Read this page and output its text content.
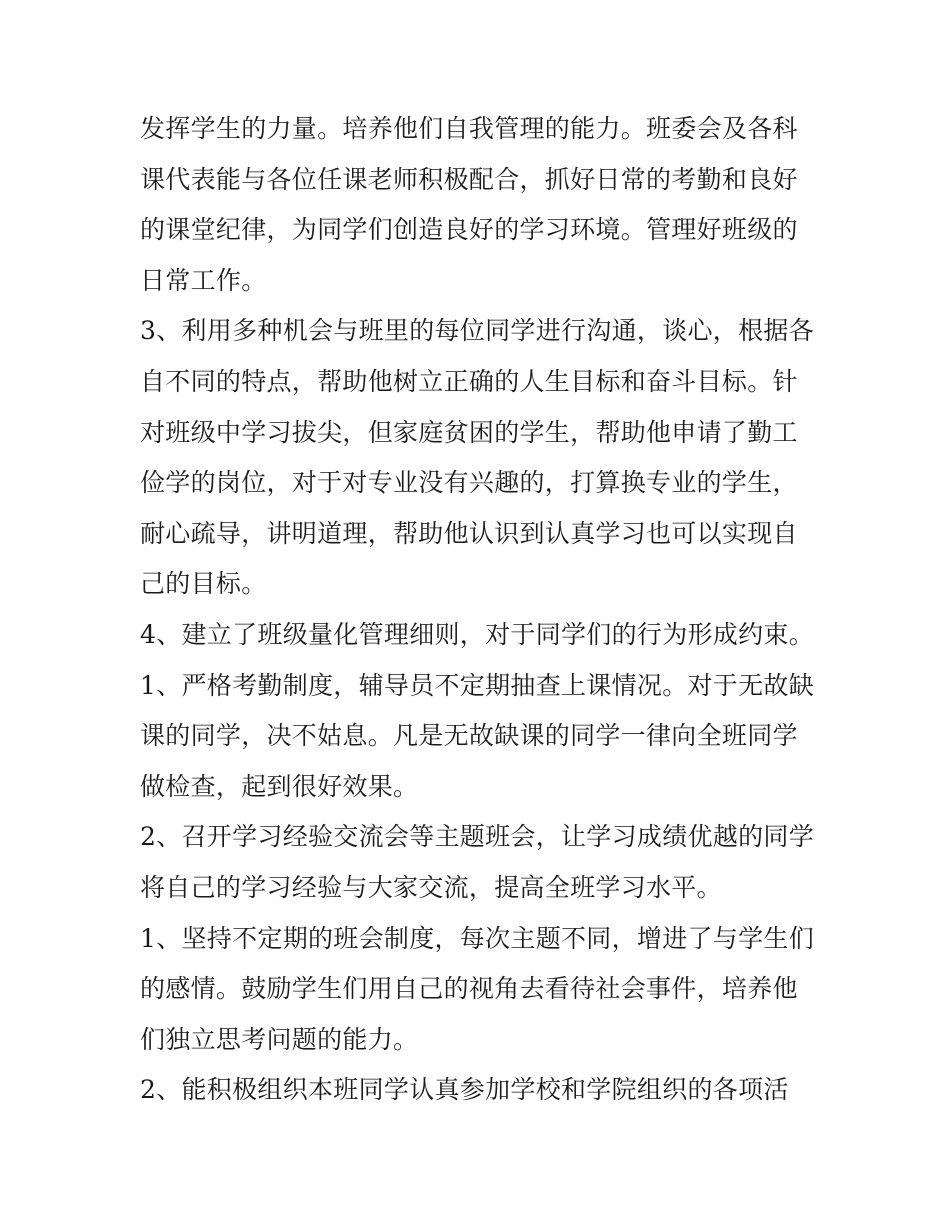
发挥学生的力量。培养他们自我管理的能力。班委会及各科课代表能与各位任课老师积极配合，抓好日常的考勤和良好的课堂纪律，为同学们创造良好的学习环境。管理好班级的日常工作。

3、利用多种机会与班里的每位同学进行沟通，谈心，根据各自不同的特点，帮助他树立正确的人生目标和奋斗目标。针对班级中学习拔尖，但家庭贫困的学生，帮助他申请了勤工俭学的岗位，对于对专业没有兴趣的，打算换专业的学生，耐心疏导，讲明道理，帮助他认识到认真学习也可以实现自己的目标。

4、建立了班级量化管理细则，对于同学们的行为形成约束。

1、严格考勤制度，辅导员不定期抽查上课情况。对于无故缺课的同学，决不姑息。凡是无故缺课的同学一律向全班同学做检查，起到很好效果。

2、召开学习经验交流会等主题班会，让学习成绩优越的同学将自己的学习经验与大家交流，提高全班学习水平。

1、坚持不定期的班会制度，每次主题不同，增进了与学生们的感情。鼓励学生们用自己的视角去看待社会事件，培养他们独立思考问题的能力。

2、能积极组织本班同学认真参加学校和学院组织的各项活
